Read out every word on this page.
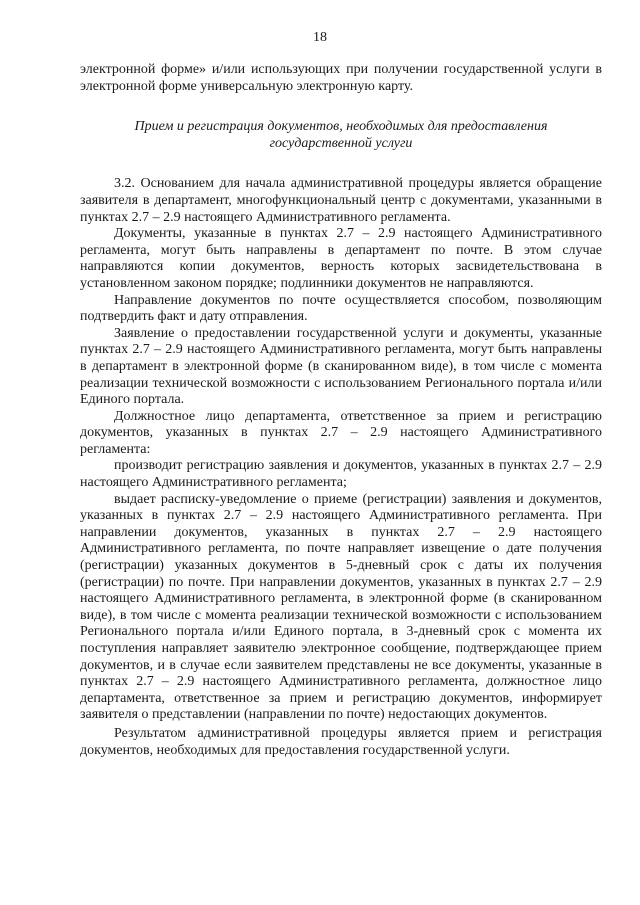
18

электронной форме» и/или использующих при получении государственной услуги в электронной форме универсальную электронную карту.

Прием и регистрация документов, необходимых для предоставления государственной услуги

3.2. Основанием для начала административной процедуры является обращение заявителя в департамент, многофункциональный центр с документами, указанными в пунктах 2.7 – 2.9 настоящего Административного регламента.

Документы, указанные в пунктах 2.7 – 2.9 настоящего Административного регламента, могут быть направлены в департамент по почте. В этом случае направляются копии документов, верность которых засвидетельствована в установленном законом порядке; подлинники документов не направляются.

Направление документов по почте осуществляется способом, позволяющим подтвердить факт и дату отправления.

Заявление о предоставлении государственной услуги и документы, указанные пунктах 2.7 – 2.9 настоящего Административного регламента, могут быть направлены в департамент в электронной форме (в сканированном виде), в том числе с момента реализации технической возможности с использованием Регионального портала и/или Единого портала.

Должностное лицо департамента, ответственное за прием и регистрацию документов, указанных в пунктах 2.7 – 2.9 настоящего Административного регламента:

производит регистрацию заявления и документов, указанных в пунктах 2.7 – 2.9 настоящего Административного регламента;

выдает расписку-уведомление о приеме (регистрации) заявления и документов, указанных в пунктах 2.7 – 2.9 настоящего Административного регламента. При направлении документов, указанных в пунктах 2.7 – 2.9 настоящего Административного регламента, по почте направляет извещение о дате получения (регистрации) указанных документов в 5-дневный срок с даты их получения (регистрации) по почте. При направлении документов, указанных в пунктах 2.7 – 2.9 настоящего Административного регламента, в электронной форме (в сканированном виде), в том числе с момента реализации технической возможности с использованием Регионального портала и/или Единого портала, в 3-дневный срок с момента их поступления направляет заявителю электронное сообщение, подтверждающее прием документов, и в случае если заявителем представлены не все документы, указанные в пунктах 2.7 – 2.9 настоящего Административного регламента, должностное лицо департамента, ответственное за прием и регистрацию документов, информирует заявителя о представлении (направлении по почте) недостающих документов.

Результатом административной процедуры является прием и регистрация документов, необходимых для предоставления государственной услуги.
